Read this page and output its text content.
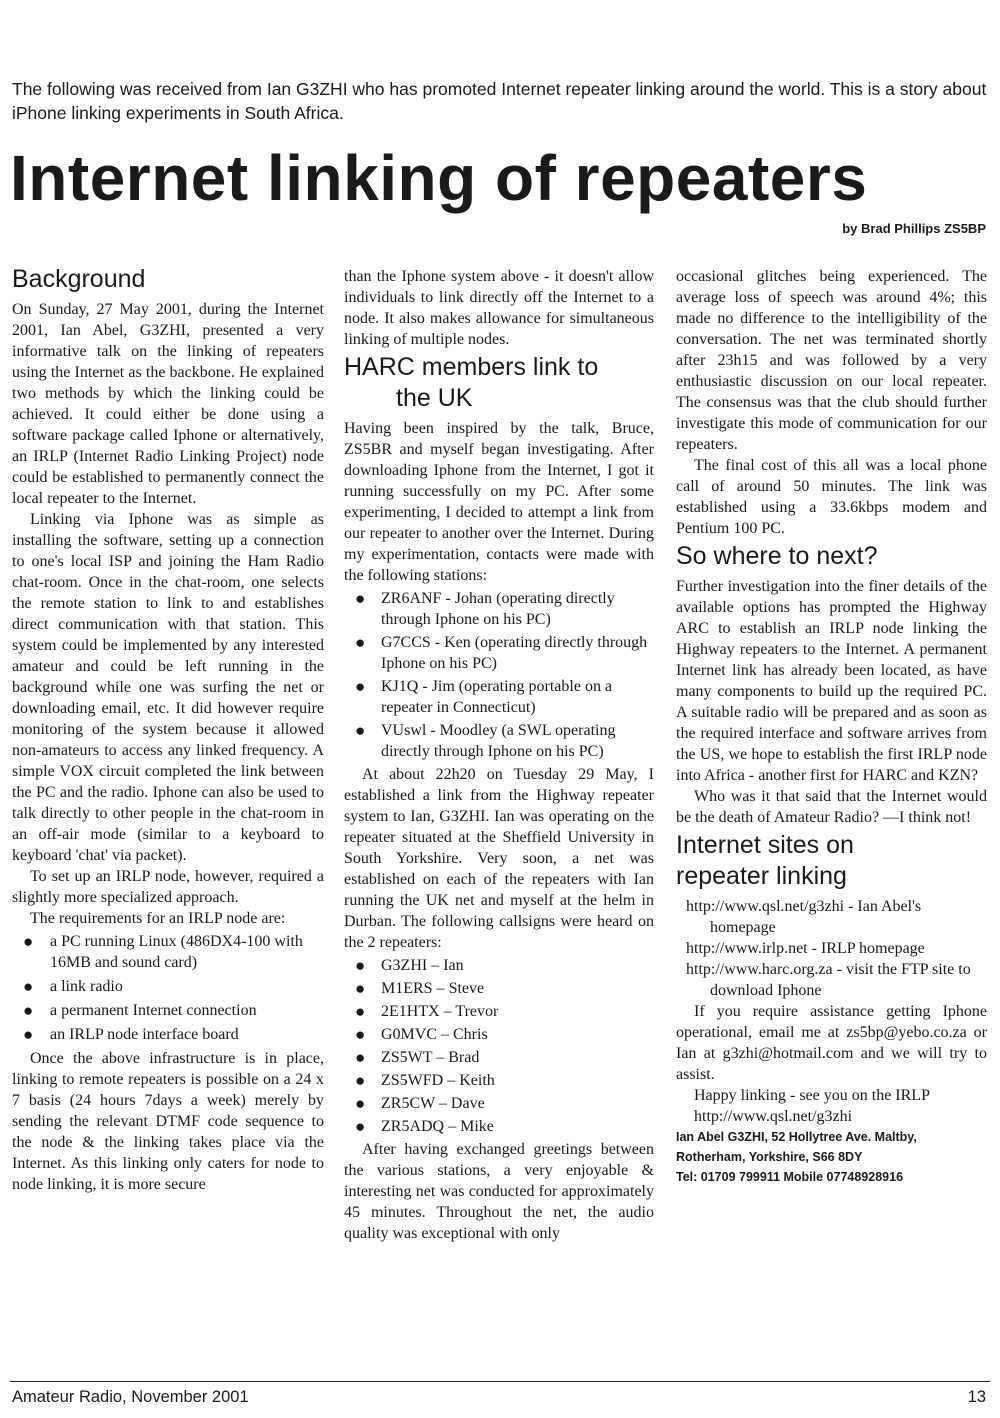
The following was received from Ian G3ZHI who has promoted Internet repeater linking around the world. This is a story about iPhone linking experiments in South Africa.

Internet linking of repeaters
by Brad Phillips ZS5BP
Background

On Sunday, 27 May 2001, during the Internet 2001, Ian Abel, G3ZHI, presented a very informative talk on the linking of repeaters using the Internet as the backbone. He explained two methods by which the linking could be achieved. It could either be done using a software package called Iphone or alternatively, an IRLP (Internet Radio Linking Project) node could be established to permanently connect the local repeater to the Internet.

Linking via Iphone was as simple as installing the software, setting up a connection to one's local ISP and joining the Ham Radio chat-room. Once in the chat-room, one selects the remote station to link to and establishes direct communication with that station. This system could be implemented by any interested amateur and could be left running in the background while one was surfing the net or downloading email, etc. It did however require monitoring of the system because it allowed non-amateurs to access any linked frequency. A simple VOX circuit completed the link between the PC and the radio. Iphone can also be used to talk directly to other people in the chat-room in an off-air mode (similar to a keyboard to keyboard 'chat' via packet).

To set up an IRLP node, however, required a slightly more specialized approach.

The requirements for an IRLP node are:

● a PC running Linux (486DX4-100 with 16MB and sound card)
● a link radio
● a permanent Internet connection
● an IRLP node interface board

Once the above infrastructure is in place, linking to remote repeaters is possible on a 24 x 7 basis (24 hours 7days a week) merely by sending the relevant DTMF code sequence to the node & the linking takes place via the Internet. As this linking only caters for node to node linking, it is more secure

than the Iphone system above - it doesn't allow individuals to link directly off the Internet to a node. It also makes allowance for simultaneous linking of multiple nodes.

HARC members link to
the UK

Having been inspired by the talk, Bruce, ZS5BR and myself began investigating. After downloading Iphone from the Internet, I got it running successfully on my PC. After some experimenting, I decided to attempt a link from our repeater to another over the Internet. During my experimentation, contacts were made with the following stations:

● ZR6ANF - Johan (operating directly through Iphone on his PC)
● G7CCS - Ken (operating directly through Iphone on his PC)
● KJ1Q - Jim (operating portable on a repeater in Connecticut)
● VUswl - Moodley (a SWL operating directly through Iphone on his PC)

At about 22h20 on Tuesday 29 May, I established a link from the Highway repeater system to Ian, G3ZHI. Ian was operating on the repeater situated at the Sheffield University in South Yorkshire. Very soon, a net was established on each of the repeaters with Ian running the UK net and myself at the helm in Durban. The following callsigns were heard on the 2 repeaters:

● G3ZHI – Ian
● M1ERS – Steve
● 2E1HTX – Trevor
● G0MVC – Chris
● ZS5WT – Brad
● ZS5WFD – Keith
● ZR5CW – Dave
● ZR5ADQ – Mike

After having exchanged greetings between the various stations, a very enjoyable & interesting net was conducted for approximately 45 minutes. Throughout the net, the audio quality was exceptional with only

occasional glitches being experienced. The average loss of speech was around 4%; this made no difference to the intelligibility of the conversation. The net was terminated shortly after 23h15 and was followed by a very enthusiastic discussion on our local repeater. The consensus was that the club should further investigate this mode of communication for our repeaters.

The final cost of this all was a local phone call of around 50 minutes. The link was established using a 33.6kbps modem and Pentium 100 PC.

So where to next?

Further investigation into the finer details of the available options has prompted the Highway ARC to establish an IRLP node linking the Highway repeaters to the Internet. A permanent Internet link has already been located, as have many components to build up the required PC. A suitable radio will be prepared and as soon as the required interface and software arrives from the US, we hope to establish the first IRLP node into Africa - another first for HARC and KZN?

Who was it that said that the Internet would be the death of Amateur Radio? —I think not!

Internet sites on
repeater linking

http://www.qsl.net/g3zhi - Ian Abel's homepage

http://www.irlp.net - IRLP homepage

http://www.harc.org.za - visit the FTP site to download Iphone

If you require assistance getting Iphone operational, email me at zs5bp@yebo.co.za or Ian at g3zhi@hotmail.com and we will try to assist.

Happy linking - see you on the IRLP

http://www.qsl.net/g3zhi

Ian Abel G3ZHI, 52 Hollytree Ave. Maltby,

Rotherham, Yorkshire, S66 8DY

Tel: 01709 799911 Mobile 07748928916

Amateur Radio, November 2001	13
